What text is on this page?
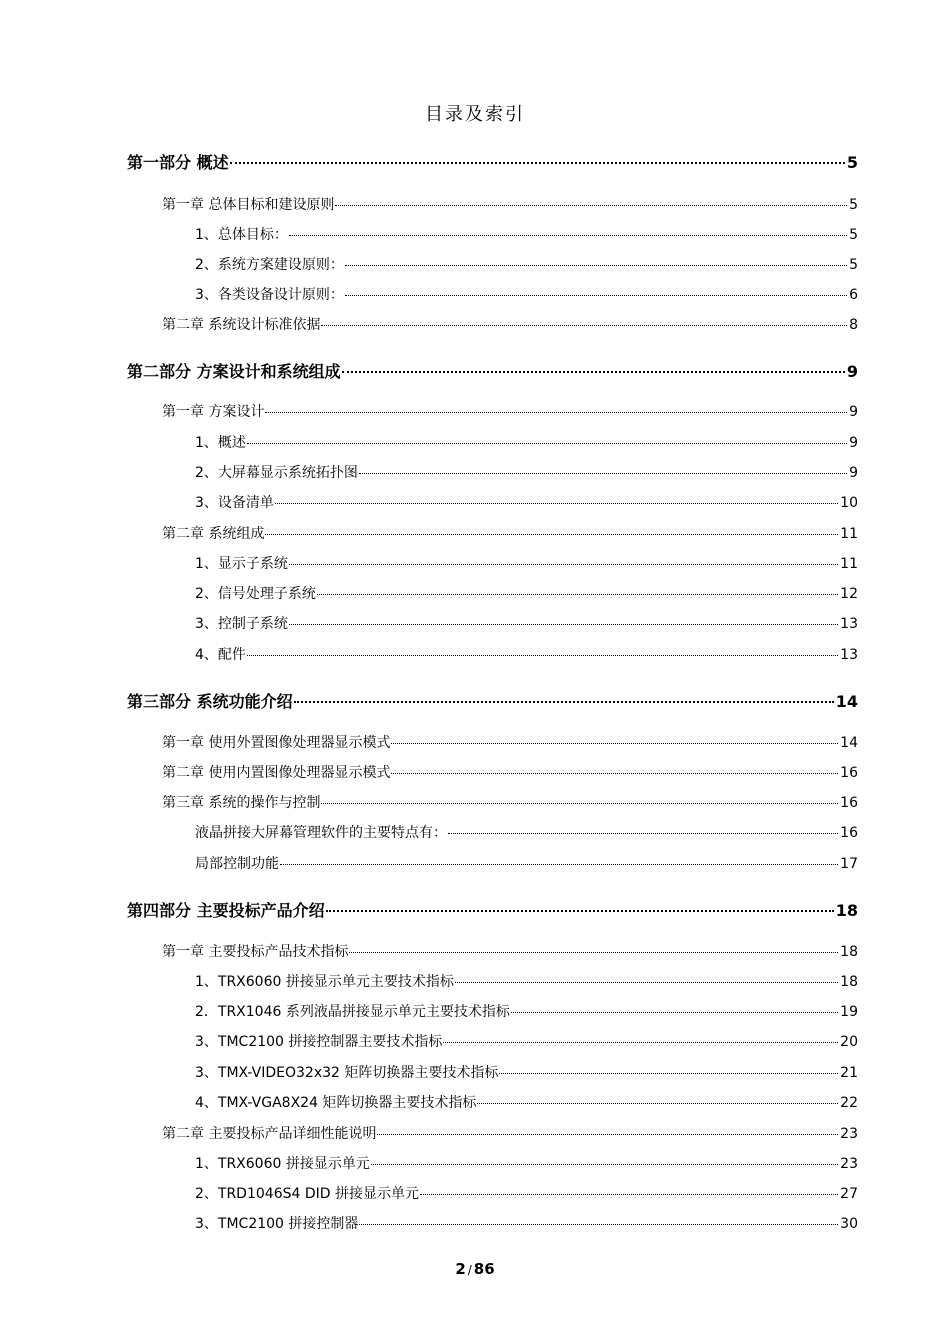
目录及索引
第一部分 概述	5
第一章 总体目标和建设原则	5
1、总体目标：	5
2、系统方案建设原则：	5
3、各类设备设计原则：	6
第二章 系统设计标准依据	8
第二部分 方案设计和系统组成	9
第一章 方案设计	9
1、概述	9
2、大屏幕显示系统拓扑图	9
3、设备清单	10
第二章 系统组成	11
1、显示子系统	11
2、信号处理子系统	12
3、控制子系统	13
4、配件	13
第三部分 系统功能介绍	14
第一章 使用外置图像处理器显示模式	14
第二章 使用内置图像处理器显示模式	16
第三章 系统的操作与控制	16
液晶拼接大屏幕管理软件的主要特点有：	16
局部控制功能	17
第四部分 主要投标产品介绍	18
第一章 主要投标产品技术指标	18
1、TRX6060 拼接显示单元主要技术指标	18
2．TRX1046 系列液晶拼接显示单元主要技术指标	19
3、TMC2100 拼接控制器主要技术指标	20
3、TMX-VIDEO32x32 矩阵切换器主要技术指标	21
4、TMX-VGA8X24 矩阵切换器主要技术指标	22
第二章 主要投标产品详细性能说明	23
1、TRX6060 拼接显示单元	23
2、TRD1046S4 DID 拼接显示单元	27
3、TMC2100 拼接控制器	30
2 / 86
